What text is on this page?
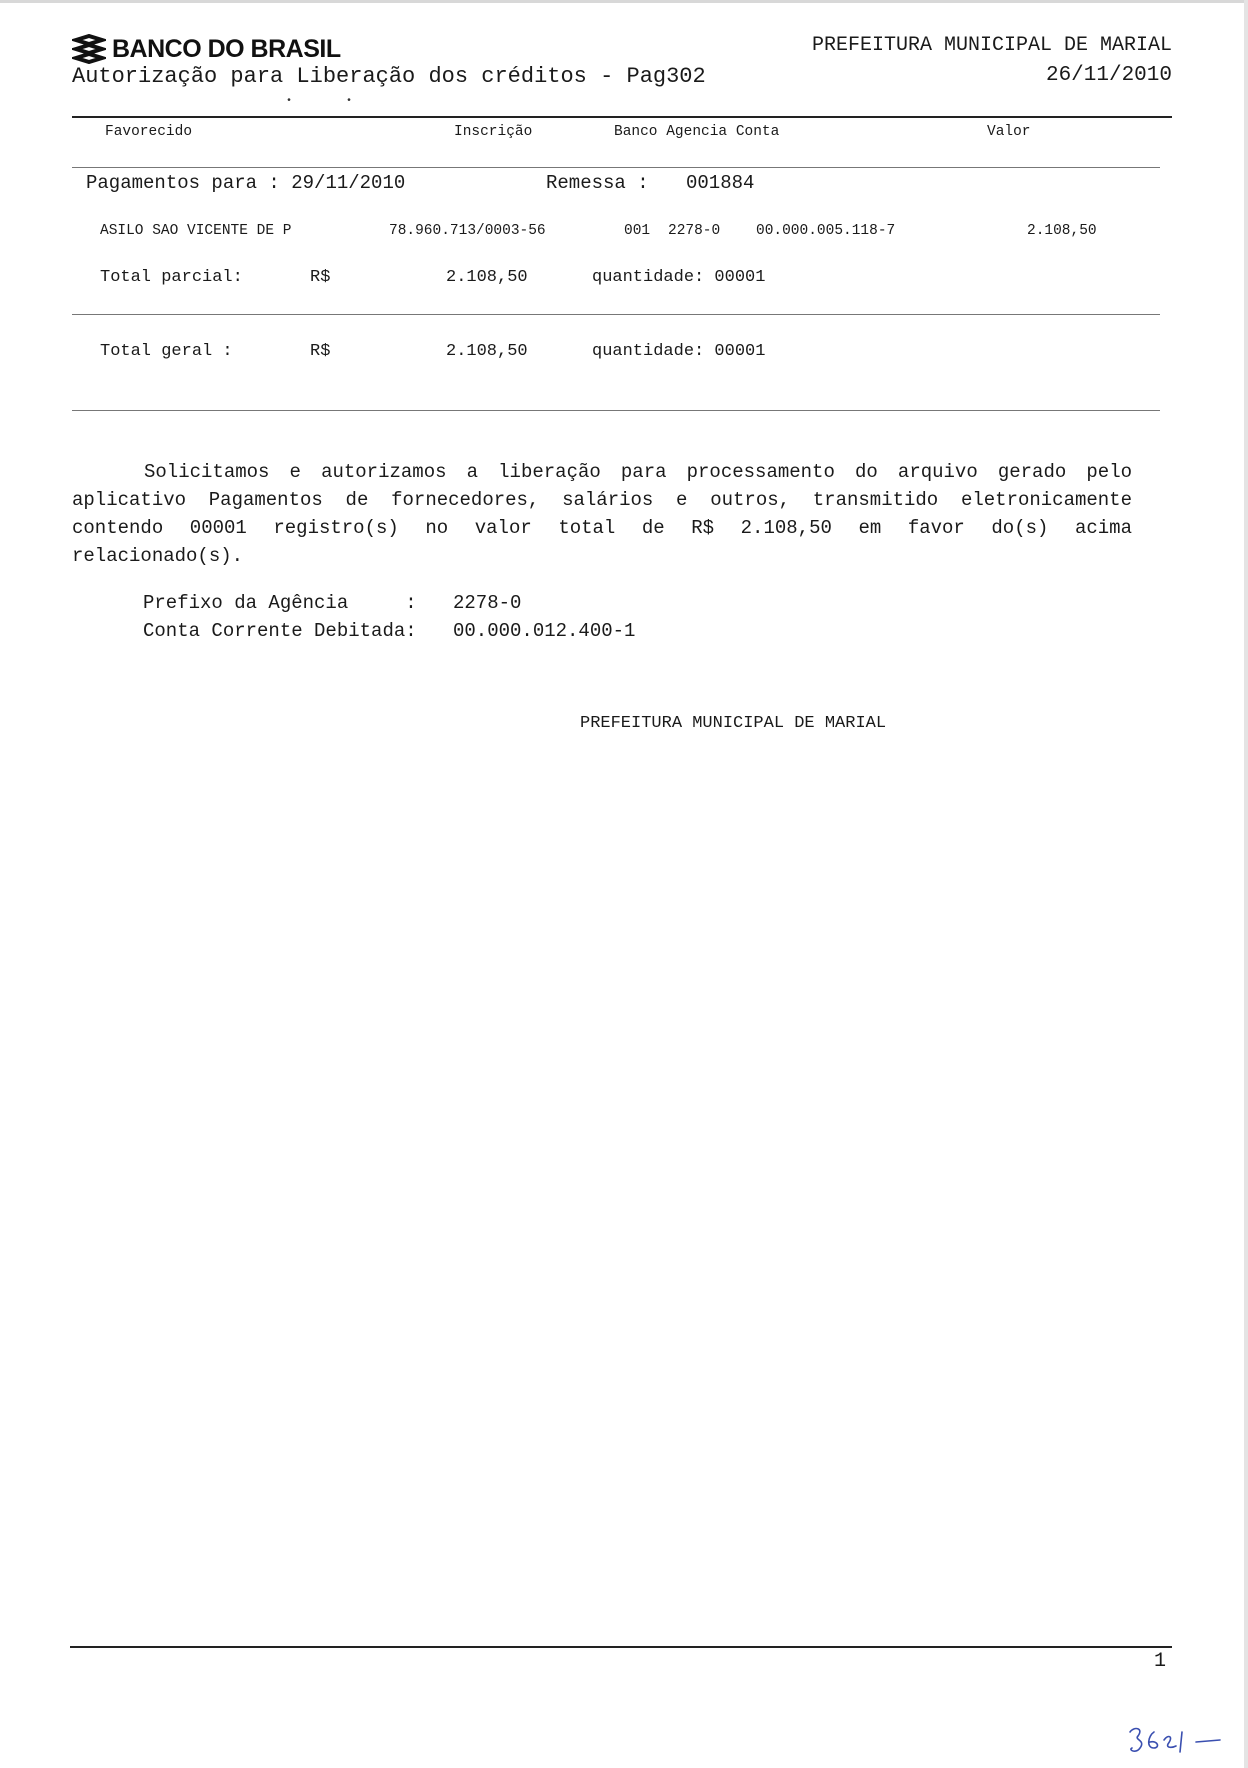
BANCO DO BRASIL	PREFEITURA MUNICIPAL DE MARIAL
Autorização para Liberação dos créditos - Pag302	26/11/2010
•         •
Favorecido	Inscrição	Banco Agencia Conta	Valor
Pagamentos para : 29/11/2010	Remessa : 001884
ASILO SAO VICENTE DE P	78.960.713/0003-56	001 2278-0 00.000.005.118-7	2.108,50
Total parcial:	R$	2.108,50	quantidade: 00001
Total geral :	R$	2.108,50	quantidade: 00001

Solicitamos e autorizamos a liberação para processamento do arquivo gerado pelo aplicativo Pagamentos de fornecedores, salários e outros, transmitido eletronicamente contendo 00001 registro(s) no valor total de R$ 2.108,50 em favor do(s) acima relacionado(s).

Prefixo da Agência     : 2278-0
Conta Corrente Debitada: 00.000.012.400-1
PREFEITURA MUNICIPAL DE MARIAL
1
